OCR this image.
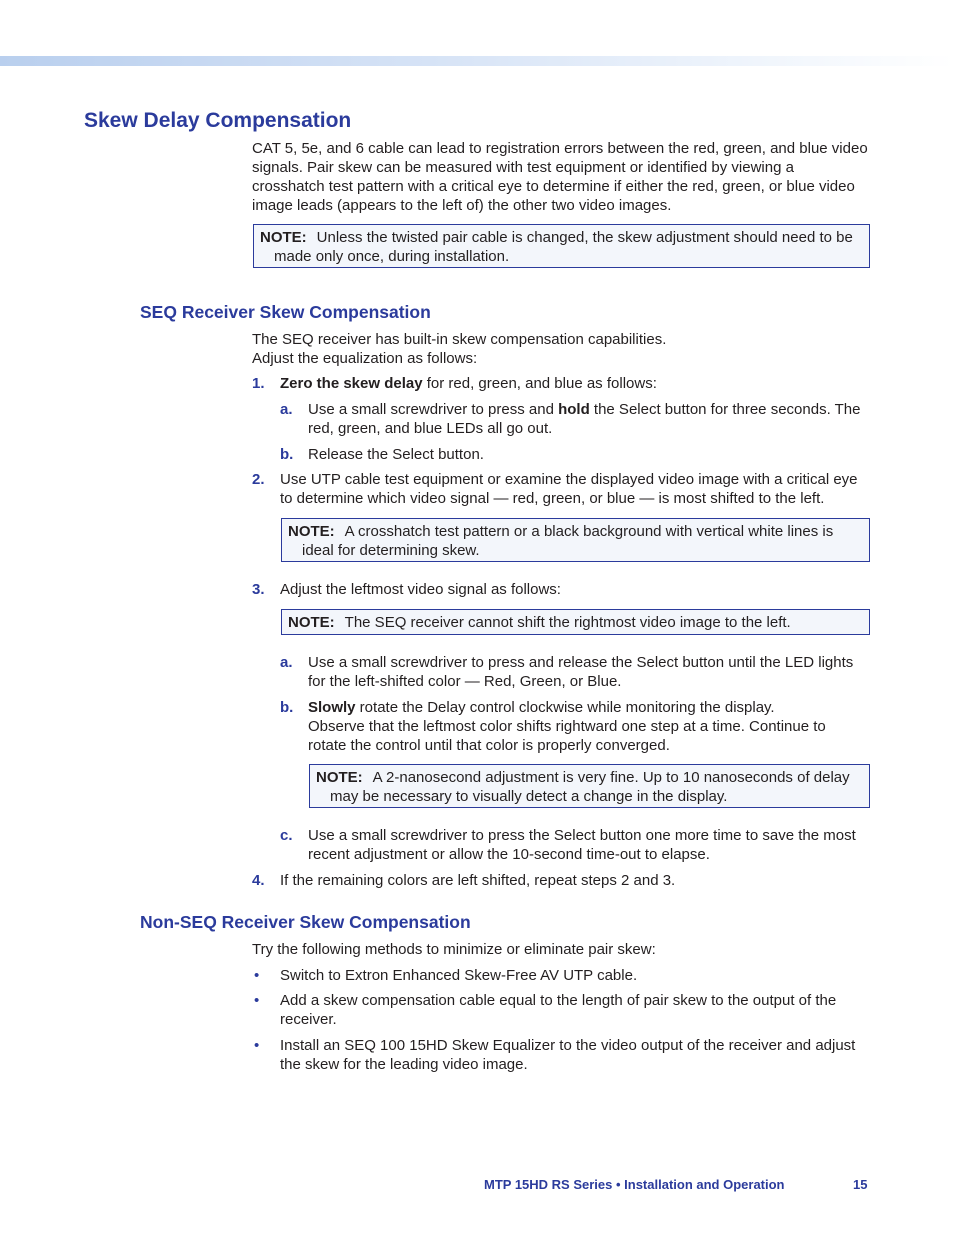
Skew Delay Compensation

CAT 5, 5e, and 6 cable can lead to registration errors between the red, green, and blue video signals. Pair skew can be measured with test equipment or identified by viewing a crosshatch test pattern with a critical eye to determine if either the red, green, or blue video image leads (appears to the left of) the other two video images.

NOTE: Unless the twisted pair cable is changed, the skew adjustment should need to be made only once, during installation.
SEQ Receiver Skew Compensation

The SEQ receiver has built-in skew compensation capabilities.

Adjust the equalization as follows:

1. Zero the skew delay for red, green, and blue as follows:

a. Use a small screwdriver to press and hold the Select button for three seconds. The red, green, and blue LEDs all go out.

b. Release the Select button.

2. Use UTP cable test equipment or examine the displayed video image with a critical eye to determine which video signal — red, green, or blue — is most shifted to the left.

NOTE: A crosshatch test pattern or a black background with vertical white lines is ideal for determining skew.
3. Adjust the leftmost video signal as follows:

NOTE: The SEQ receiver cannot shift the rightmost video image to the left.
a. Use a small screwdriver to press and release the Select button until the LED lights for the left-shifted color — Red, Green, or Blue.

b. Slowly rotate the Delay control clockwise while monitoring the display.

Observe that the leftmost color shifts rightward one step at a time. Continue to rotate the control until that color is properly converged.

NOTE: A 2-nanosecond adjustment is very fine. Up to 10 nanoseconds of delay may be necessary to visually detect a change in the display.
c. Use a small screwdriver to press the Select button one more time to save the most recent adjustment or allow the 10-second time-out to elapse.

4. If the remaining colors are left shifted, repeat steps 2 and 3.

Non-SEQ Receiver Skew Compensation

Try the following methods to minimize or eliminate pair skew:

• Switch to Extron Enhanced Skew-Free AV UTP cable.

• Add a skew compensation cable equal to the length of pair skew to the output of the receiver.

• Install an SEQ 100 15HD Skew Equalizer to the video output of the receiver and adjust the skew for the leading video image.

MTP 15HD RS Series • Installation and Operation	15
